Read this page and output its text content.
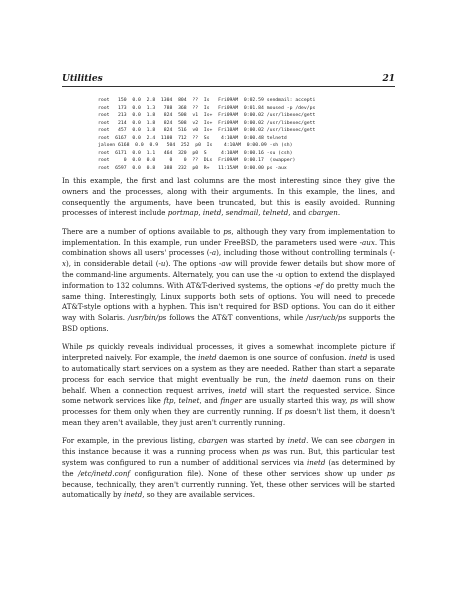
Utilities	21
root   150  0.0  2.8  1304  804  ??  Is   Fri09AM  0:02.59 sendmail: accepti
root   173  0.0  1.3   788  368  ??  Is   Fri09AM  0:01.84 moused -p /dev/ps
root   213  0.0  1.8   824  508  v1  Is+  Fri09AM  0:00.02 /usr/libexec/gett
root   214  0.0  1.8   824  508  v2  Is+  Fri09AM  0:00.02 /usr/libexec/gett
root   457  0.0  1.8   824  516  v0  Is+  Fri10AM  0:00.02 /usr/libexec/gett
root  6167  0.0  2.4  1108  712  ??  Ss    4:10AM  0:00.48 telnetd
jaloen 6168  0.0  0.9   504  252  p0  Is    4:10AM  0:00.09 -sh (sh)
root  6171  0.0  1.1   464  320  p0  S     4:10AM  0:00.16 -su (csh)
root     0  0.0  0.0     0    0  ??  DLs  Fri09AM  0:00.17  (swapper)
root  6597  0.0  0.8   388  232  p0  R+   11:15AM  0:00.00 ps -aux

In this example, the first and last columns are the most interesting since they give the owners and the processes, along with their arguments. In this example, the lines, and consequently the arguments, have been truncated, but this is easily avoided. Running processes of interest include portmap, inetd, sendmail, telnetd, and cbargen.

There are a number of options available to ps, although they vary from implementation to implementation. In this example, run under FreeBSD, the parameters used were -aux. This combination shows all users' processes (-a), including those without controlling terminals (-x), in considerable detail (-u). The options -aw will provide fewer details but show more of the command-line arguments. Alternately, you can use the -u option to extend the displayed information to 132 columns. With AT&T-derived systems, the options -ef do pretty much the same thing. Interestingly, Linux supports both sets of options. You will need to precede AT&T-style options with a hyphen. This isn't required for BSD options. You can do it either way with Solaris. /usr/bin/ps follows the AT&T conventions, while /usr/ucb/ps supports the BSD options.

While ps quickly reveals individual processes, it gives a somewhat incomplete picture if interpreted naively. For example, the inetd daemon is one source of confusion. inetd is used to automatically start services on a system as they are needed. Rather than start a separate process for each service that might eventually be run, the inetd daemon runs on their behalf. When a connection request arrives, inetd will start the requested service. Since some network services like ftp, telnet, and finger are usually started this way, ps will show processes for them only when they are currently running. If ps doesn't list them, it doesn't mean they aren't available, they just aren't currently running.

For example, in the previous listing, cbargen was started by inetd. We can see cbargen in this instance because it was a running process when ps was run. But, this particular test system was configured to run a number of additional services via inetd (as determined by the /etc/inetd.conf configuration file). None of these other services show up under ps because, technically, they aren't currently running. Yet, these other services will be started automatically by inetd, so they are available services.
